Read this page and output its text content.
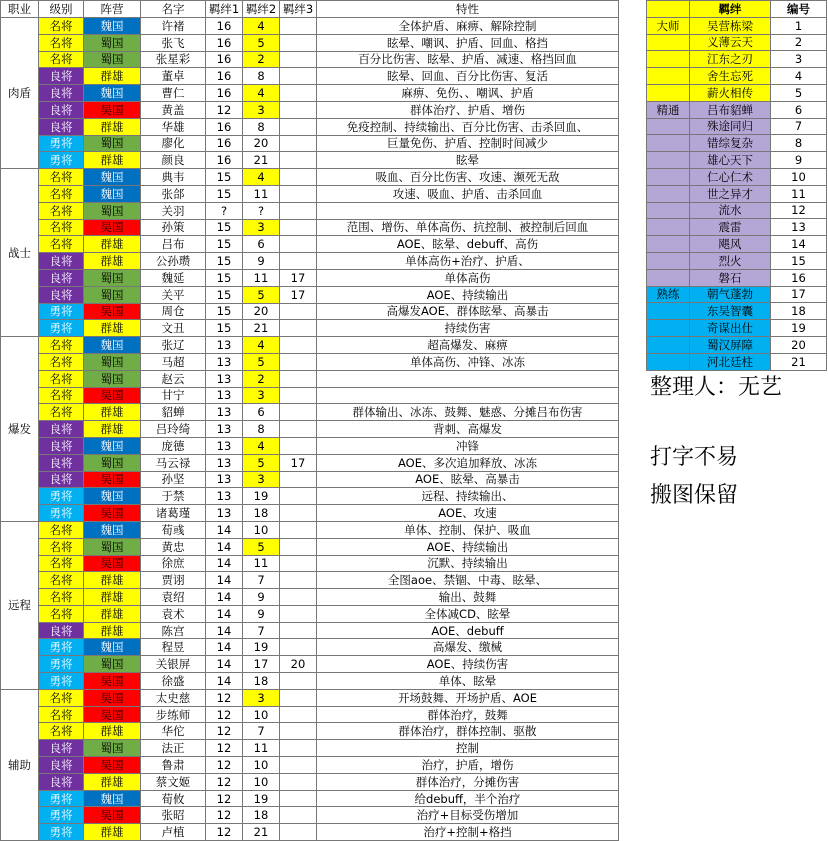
职业	级别	阵营	名字	羁绊1	羁绊2	羁绊3	特性
肉盾	名将	魏国	许褚	16	4		全体护盾、麻痹、解除控制
	名将	蜀国	张飞	16	5		眩晕、嘲讽、护盾、回血、格挡
	名将	蜀国	张星彩	16	2		百分比伤害、眩晕、护盾、减速、格挡回血
	良将	群雄	董卓	16	8		眩晕、回血、百分比伤害、复活
	良将	魏国	曹仁	16	4		麻痹、免伤、、嘲讽、护盾
	良将	吴国	黄盖	12	3		群体治疗、护盾、增伤
	良将	群雄	华雄	16	8		免疫控制、持续输出、百分比伤害、击杀回血、
	勇将	蜀国	廖化	16	20		巨量免伤、护盾、控制时间减少
	勇将	群雄	颜良	16	21		眩晕
战士	名将	魏国	典韦	15	4		吸血、百分比伤害、攻速、濒死无敌
	名将	魏国	张郃	15	11		攻速、吸血、护盾、击杀回血
	名将	蜀国	关羽	?	?		
	名将	吴国	孙策	15	3		范围、增伤、单体高伤、抗控制、被控制后回血
	名将	群雄	吕布	15	6		AOE、眩晕、debuff、高伤
	良将	群雄	公孙瓒	15	9		单体高伤+治疗、护盾、
	良将	蜀国	魏延	15	11	17	单体高伤
	良将	蜀国	关平	15	5	17	AOE、持续输出
	勇将	吴国	周仓	15	20		高爆发AOE、群体眩晕、高暴击
	勇将	群雄	文丑	15	21		持续伤害
爆发	名将	魏国	张辽	13	4		超高爆发、麻痹
	名将	蜀国	马超	13	5		单体高伤、冲锋、冰冻
	名将	蜀国	赵云	13	2		
	名将	吴国	甘宁	13	3		
	名将	群雄	貂蝉	13	6		群体输出、冰冻、鼓舞、魅惑、分摊吕布伤害
	良将	群雄	吕玲绮	13	8		背刺、高爆发
	良将	魏国	庞德	13	4		冲锋
	良将	蜀国	马云禄	13	5	17	AOE、多次追加释放、冰冻
	良将	吴国	孙坚	13	3		AOE、眩晕、高暴击
	勇将	魏国	于禁	13	19		远程、持续输出、
	勇将	吴国	诸葛瑾	13	18		AOE、攻速
远程	名将	魏国	荀彧	14	10		单体、控制、保护、吸血
	名将	蜀国	黄忠	14	5		AOE、持续输出
	名将	吴国	徐庶	14	11		沉默、持续输出
	名将	群雄	贾诩	14	7		全图aoe、禁锢、中毒、眩晕、
	名将	群雄	袁绍	14	9		输出、鼓舞
	名将	群雄	袁术	14	9		全体减CD、眩晕
	良将	群雄	陈宫	14	7		AOE、debuff
	勇将	魏国	程昱	14	19		高爆发、缴械
	勇将	蜀国	关银屏	14	17	20	AOE、持续伤害
	勇将	吴国	徐盛	14	18		单体、眩晕
辅助	名将	吴国	太史慈	12	3		开场鼓舞、开场护盾、AOE
	名将	吴国	步练师	12	10		群体治疗，鼓舞
	名将	群雄	华佗	12	7		群体治疗，群体控制、驱散
	良将	蜀国	法正	12	11		控制
	良将	吴国	鲁肃	12	10		治疗，护盾，增伤
	良将	群雄	蔡文姬	12	10		群体治疗，分摊伤害
	勇将	魏国	荀攸	12	19		给debuff，半个治疗
	勇将	吴国	张昭	12	18		治疗+目标受伤增加
	勇将	群雄	卢植	12	21		治疗+控制+格挡
	羁绊	编号
大师	吴营栋梁	1
	义薄云天	2
	江东之刃	3
	舍生忘死	4
	薪火相传	5
精通	吕布貂蝉	6
	殊途同归	7
	错综复杂	8
	雄心天下	9
	仁心仁术	10
	世之异才	11
	流水	12
	震雷	13
	飓风	14
	烈火	15
	磐石	16
熟练	朝气蓬勃	17
	东吴智囊	18
	奇谋出仕	19
	蜀汉屏障	20
	河北廷柱	21
整理人：无艺
打字不易
搬图保留
